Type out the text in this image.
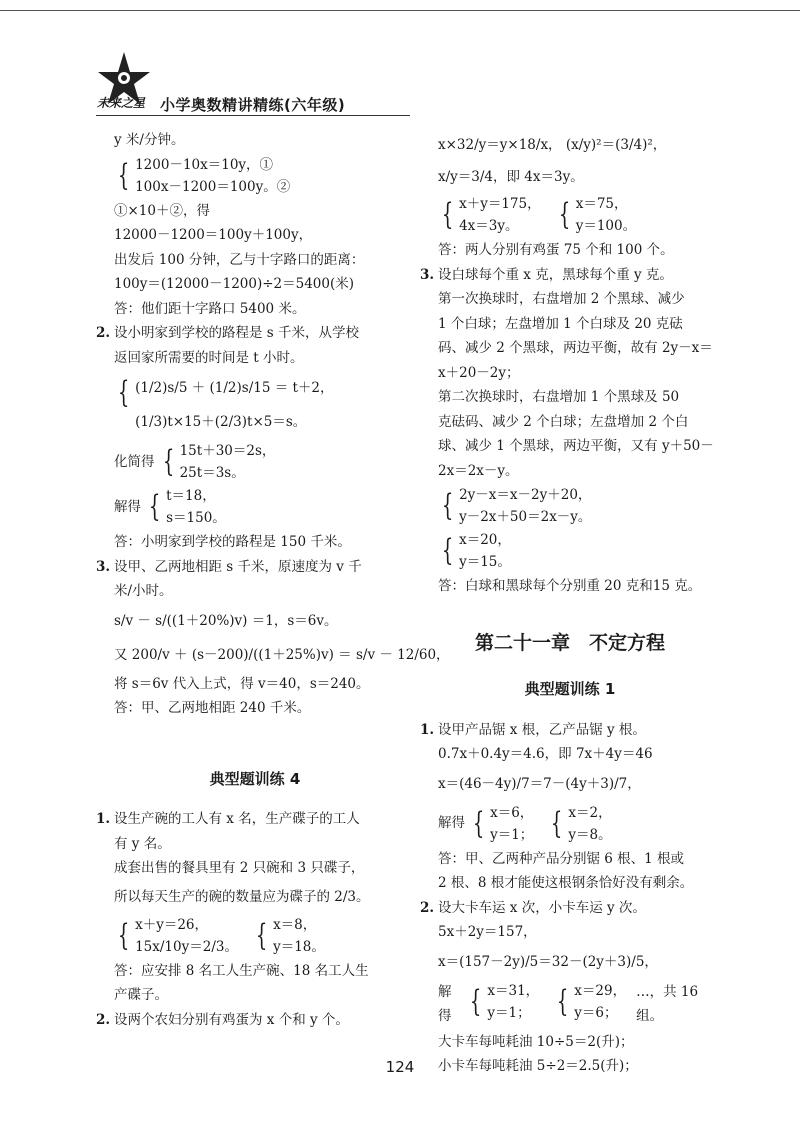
未来之星 小学奥数精讲精练(六年级)
y 米/分钟。
{ 1200－10x＝10y，①
100x－1200＝100y。②
①×10＋②，得
12000－1200＝100y＋100y，
出发后 100 分钟，乙与十字路口的距离：
100y＝(12000－1200)÷2＝5400(米)
答：他们距十字路口 5400 米。
2. 设小明家到学校的路程是 s 千米，从学校
返回家所需要的时间是 t 小时。
{ (1/2)s/5 ＋ (1/2)s/15 ＝ t＋2，
(1/3)t×15＋(2/3)t×5＝s。
化简得 { 15t＋30＝2s，
25t＝3s。
解得 { t＝18，
s＝150。
答：小明家到学校的路程是 150 千米。
3. 设甲、乙两地相距 s 千米，原速度为 v 千
米/小时。
s/v － s/((1＋20%)v) ＝1，s＝6v。
又 200/v ＋ (s－200)/((1＋25%)v) ＝ s/v － 12/60，
将 s＝6v 代入上式，得 v＝40，s＝240。
答：甲、乙两地相距 240 千米。
典型题训练 4
1. 设生产碗的工人有 x 名，生产碟子的工人
有 y 名。
成套出售的餐具里有 2 只碗和 3 只碟子，
所以每天生产的碗的数量应为碟子的 2/3。
{ x＋y＝26，
15x/10y＝2/3。 { x＝8，
y＝18。
答：应安排 8 名工人生产碗、18 名工人生
产碟子。
2. 设两个农妇分别有鸡蛋为 x 个和 y 个。
x×32/y＝y×18/x， (x/y)²＝(3/4)²，
x/y＝3/4，即 4x＝3y。
{ x＋y＝175，
4x＝3y。	{ x＝75，
y＝100。
答：两人分别有鸡蛋 75 个和 100 个。
3. 设白球每个重 x 克，黑球每个重 y 克。
第一次换球时，右盘增加 2 个黑球、减少
1 个白球；左盘增加 1 个白球及 20 克砝
码、减少 2 个黑球，两边平衡，故有 2y－x＝
x＋20－2y；
第二次换球时，右盘增加 1 个黑球及 50
克砝码、减少 2 个白球；左盘增加 2 个白
球、减少 1 个黑球，两边平衡，又有 y＋50－
2x＝2x－y。
{ 2y－x＝x－2y＋20，
y－2x＋50＝2x－y。
{ x＝20，
y＝15。
答：白球和黑球每个分别重 20 克和15 克。
第二十一章　不定方程
典型题训练 1
1. 设甲产品锯 x 根，乙产品锯 y 根。
0.7x＋0.4y＝4.6，即 7x＋4y＝46
x＝(46－4y)/7＝7－(4y＋3)/7，
解得 { x＝6，
y＝1； { x＝2，
y＝8。
答：甲、乙两种产品分别锯 6 根、1 根或
2 根、8 根才能使这根钢条恰好没有剩余。
2. 设大卡车运 x 次，小卡车运 y 次。
5x＋2y＝157，
x＝(157－2y)/5＝32－(2y＋3)/5，
解得 { x＝31，
y＝1； { x＝29，
y＝6；
…，共 16 组。
大卡车每吨耗油 10÷5＝2(升)；
小卡车每吨耗油 5÷2＝2.5(升)；
124
